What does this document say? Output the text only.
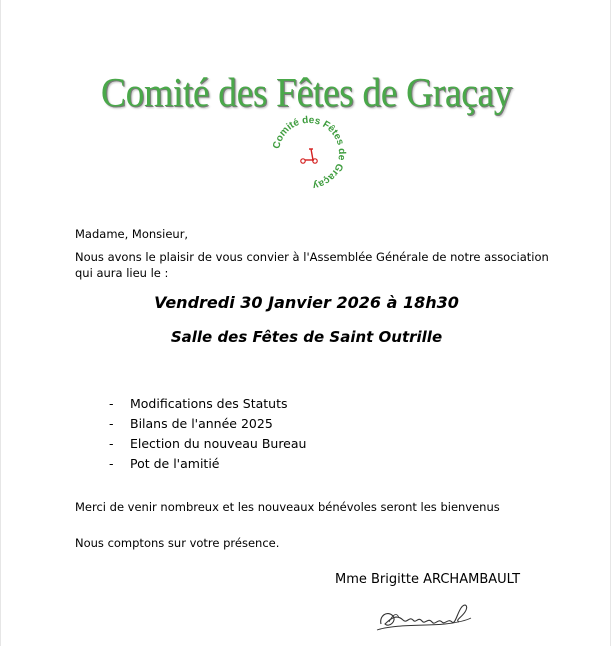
Comité des Fêtes de Graçay
Comité des Fêtes de Graçay
Madame, Monsieur,
Nous avons le plaisir de vous convier à l'Assemblée Générale de notre association qui aura lieu le :
Vendredi 30 Janvier 2026 à 18h30
Salle des Fêtes de Saint Outrille
- Modifications des Statuts
- Bilans de l'année 2025
- Election du nouveau Bureau
- Pot de l'amitié
Merci de venir nombreux et les nouveaux bénévoles seront les bienvenus
Nous comptons sur votre présence.
Mme Brigitte ARCHAMBAULT
